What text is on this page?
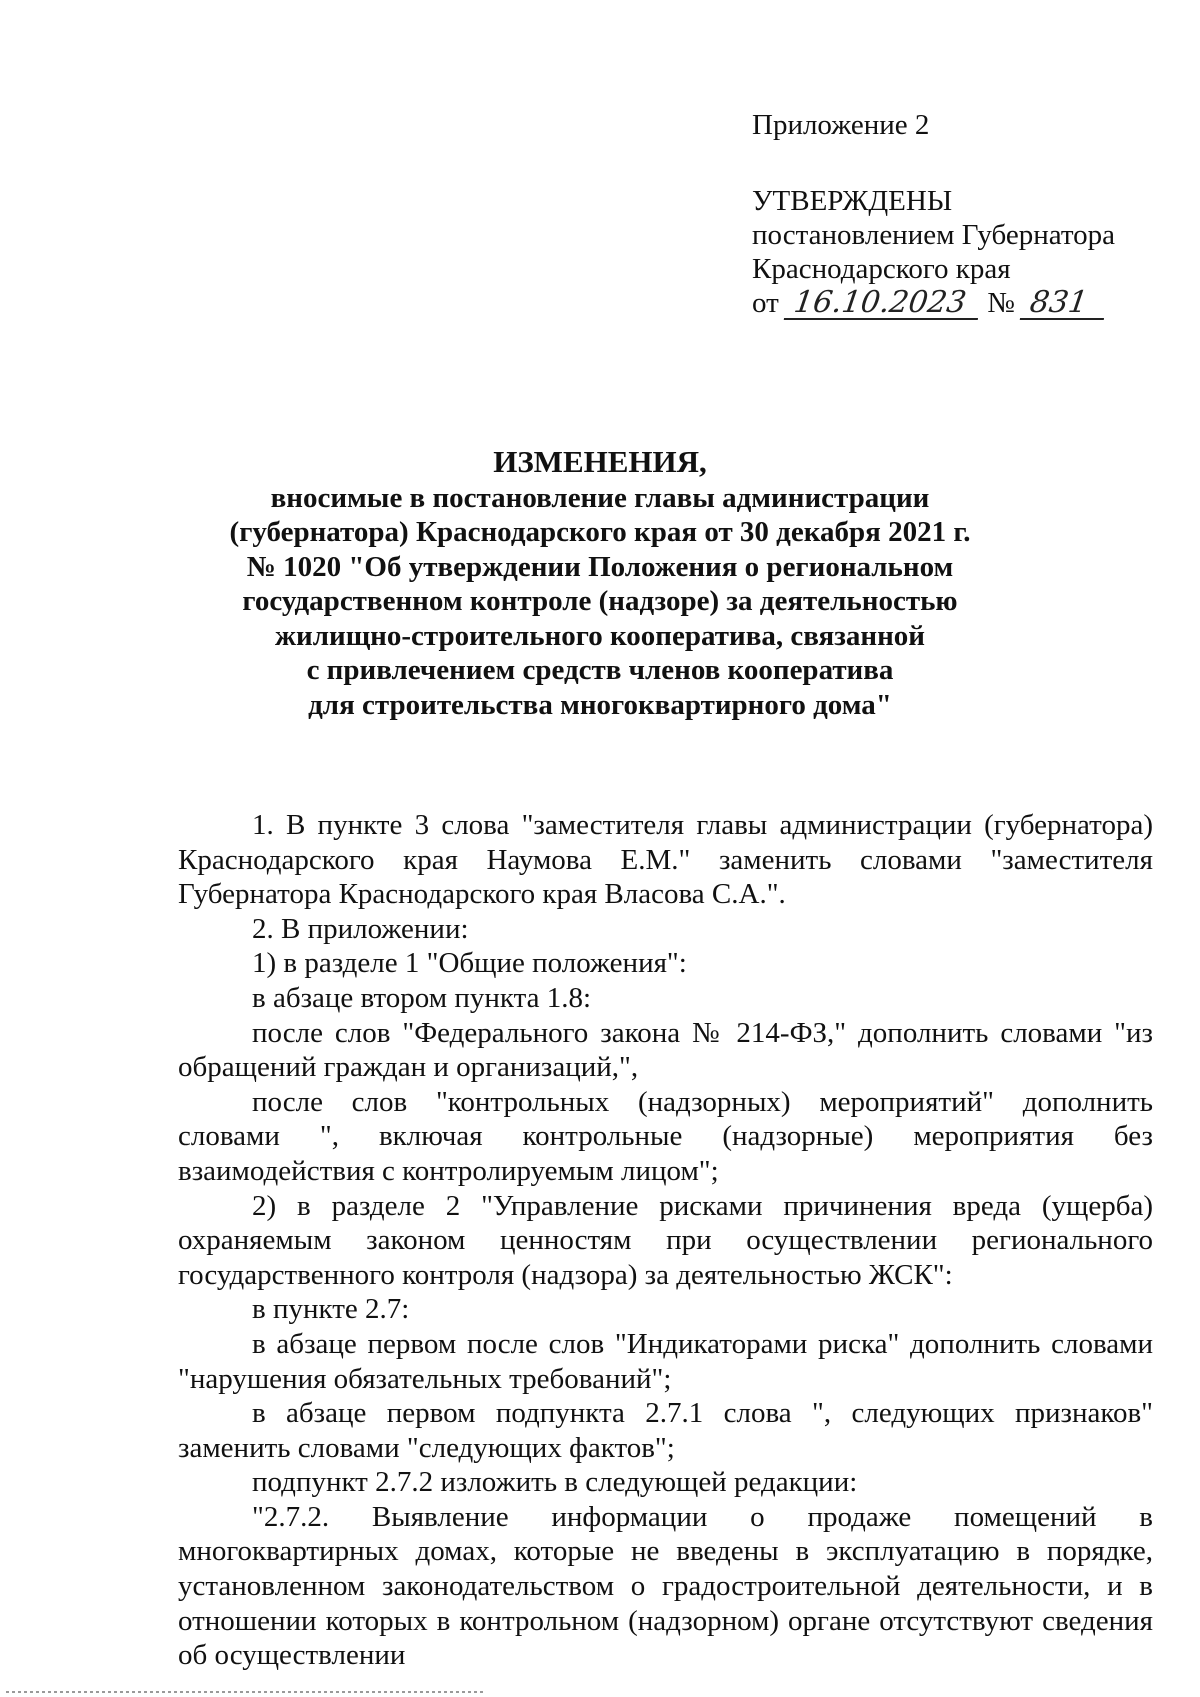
Приложение 2
УТВЕРЖДЕНЫ
постановлением Губернатора
Краснодарского края
от 16.10.2023 № 831
ИЗМЕНЕНИЯ,
вносимые в постановление главы администрации
(губернатора) Краснодарского края от 30 декабря 2021 г.
№ 1020 "Об утверждении Положения о региональном
государственном контроле (надзоре) за деятельностью
жилищно-строительного кооператива, связанной
с привлечением средств членов кооператива
для строительства многоквартирного дома"

1. В пункте 3 слова "заместителя главы администрации (губернатора) Краснодарского края Наумова Е.М." заменить словами "заместителя Губернатора Краснодарского края Власова С.А.".

2. В приложении:

1) в разделе 1 "Общие положения":

в абзаце втором пункта 1.8:

после слов "Федерального закона № 214-ФЗ," дополнить словами "из обращений граждан и организаций,",

после слов "контрольных (надзорных) мероприятий" дополнить словами ", включая контрольные (надзорные) мероприятия без взаимодействия с контролируемым лицом";

2) в разделе 2 "Управление рисками причинения вреда (ущерба) охраняемым законом ценностям при осуществлении регионального государственного контроля (надзора) за деятельностью ЖСК":

в пункте 2.7:

в абзаце первом после слов "Индикаторами риска" дополнить словами "нарушения обязательных требований";

в абзаце первом подпункта 2.7.1 слова ", следующих признаков" заменить словами "следующих фактов";

подпункт 2.7.2 изложить в следующей редакции:

"2.7.2. Выявление информации о продаже помещений в многоквартирных домах, которые не введены в эксплуатацию в порядке, установленном законодательством о градостроительной деятельности, и в отношении которых в контрольном (надзорном) органе отсутствуют сведения об осуществлении
